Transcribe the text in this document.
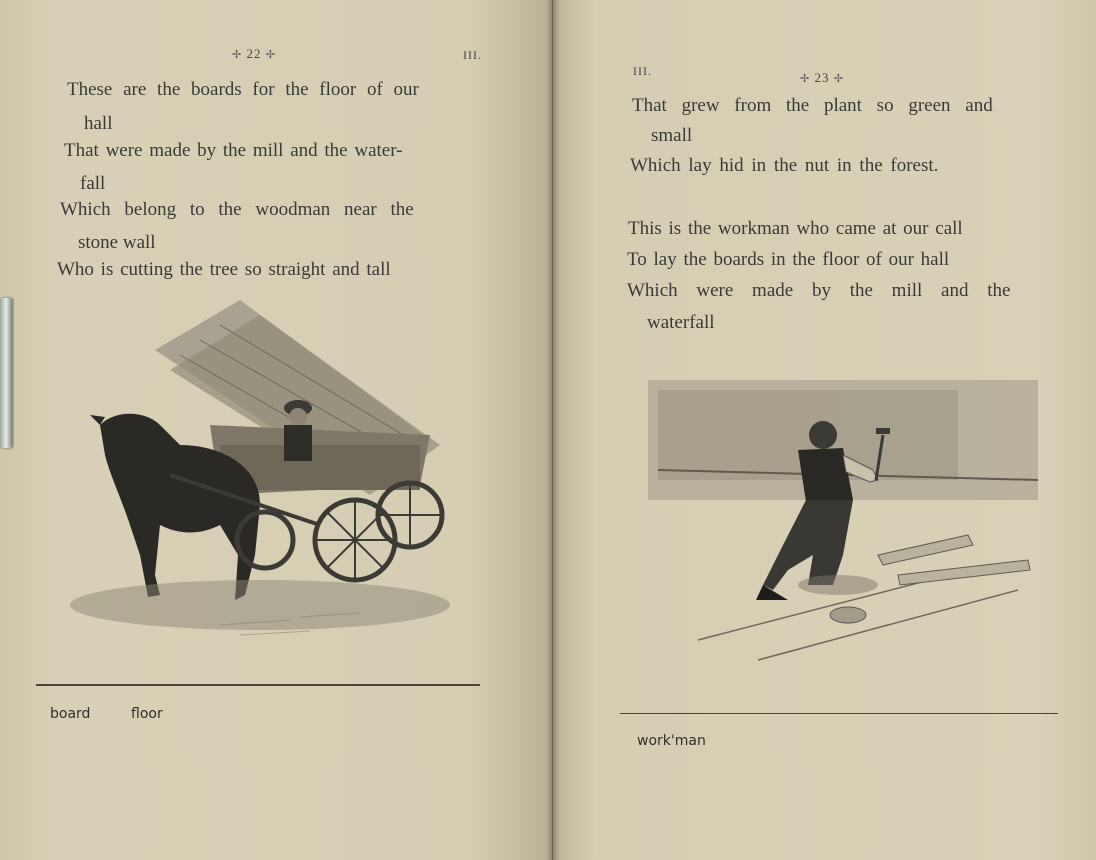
✢ 22 ✢	III.
These are the boards for the floor of our
hall
That were made by the mill and the water-
fall
Which belong to the woodman near the
stone wall
Who is cutting the tree so straight and tall
board	floor
III.
✢ 23 ✢
That grew from the plant so green and
small
Which lay hid in the nut in the forest.
This is the workman who came at our call
To lay the boards in the floor of our hall
Which were made by the mill and the
waterfall
work'man
